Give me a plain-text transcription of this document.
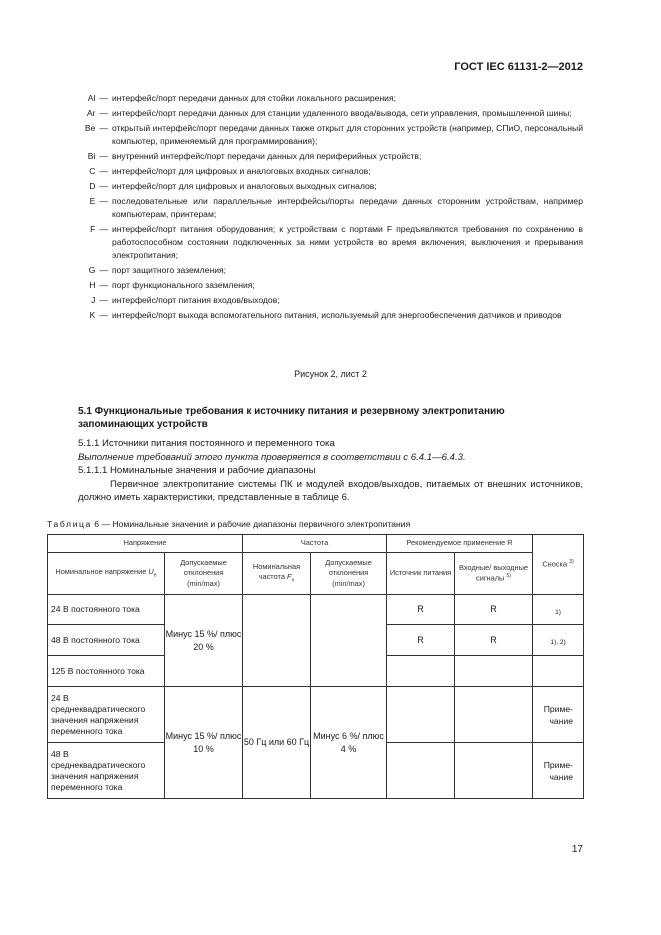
ГОСТ IEC 61131-2—2012
Al — интерфейс/порт передачи данных для стойки локального расширения;
Ar — интерфейс/порт передачи данных для станции удаленного ввода/вывода, сети управления, промышленной шины;
Be — открытый интерфейс/порт передачи данных также открыт для сторонних устройств (например, СПиО, персональный компьютер, применяемый для программирования);
Bi — внутренний интерфейс/порт передачи данных для периферийных устройств;
C — интерфейс/порт для цифровых и аналоговых входных сигналов;
D — интерфейс/порт для цифровых и аналоговых выходных сигналов;
E — последовательные или параллельные интерфейсы/порты передачи данных сторонним устройствам, например компьютерам, принтерам;
F — интерфейс/порт питания оборудования; к устройствам с портами F предъявляются требования по сохранению в работоспособном состоянии подключенных за ними устройств во время включения, выключения и прерывания электропитания;
G — порт защитного заземления;
H — порт функционального заземления;
J — интерфейс/порт питания входов/выходов;
K — интерфейс/порт выхода вспомогательного питания, используемый для энергообеспечения датчиков и приводов
Рисунок 2, лист 2
5.1 Функциональные требования к источнику питания и резервному электропитанию запоминающих устройств
5.1.1 Источники питания постоянного и переменного тока
Выполнение требований этого пункта проверяется в соответствии с 6.4.1—6.4.3.
5.1.1.1 Номинальные значения и рабочие диапазоны
Первичное электропитание системы ПК и модулей входов/выходов, питаемых от внешних источников, должно иметь характеристики, представленные в таблице 6.
Таблица 6 — Номинальные значения и рабочие диапазоны первичного электропитания
Напряжение		Частота		Рекомендуемое применение R		Сноска $^{3)}$
Номинальное напряжение $U_e$	Допускаемые отклонения (min/max)	Номинальная частота $F_n$	Допускаемые отклонения (min/max)	Источник питания	Входные/ выходные сигналы $^{5)}$
24 В постоянного тока	Минус 15 %/ плюс 20 %			R	R	1)
48 В постоянного тока				R	R	1), 2)
125 В постоянного тока						
24 В среднеквадратического значения напряжения переменного тока	Минус 15 %/ плюс 10 %	50 Гц или 60 Гц	Минус 6 %/ плюс 4 %			Приме-чание
48 В среднеквадратического значения напряжения переменного тока						Приме-чание
17
